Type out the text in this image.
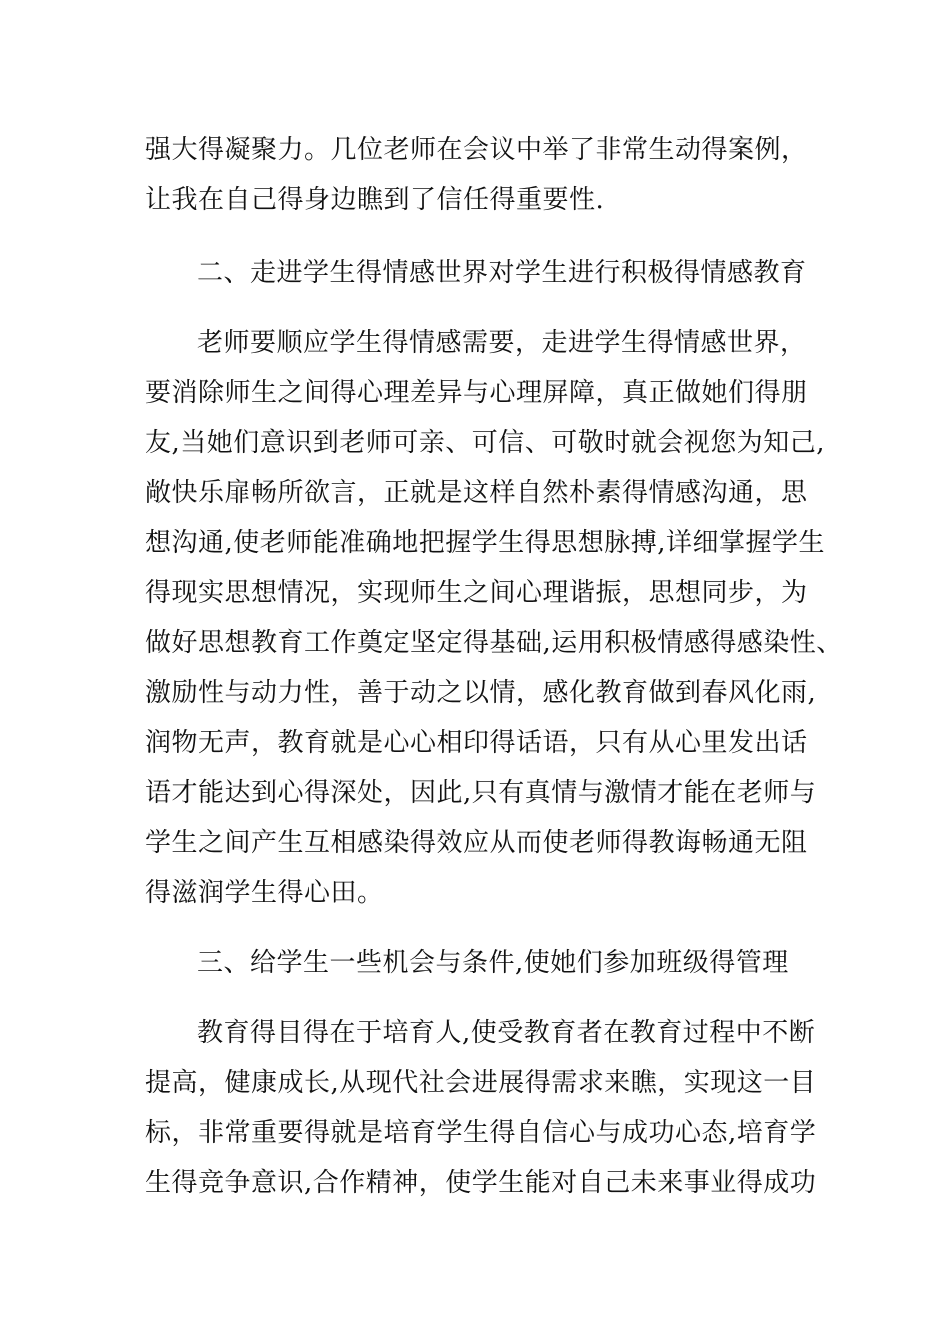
强大得凝聚力。几位老师在会议中举了非常生动得案例，
让我在自己得身边瞧到了信任得重要性.
二、走进学生得情感世界对学生进行积极得情感教育
老师要顺应学生得情感需要，走进学生得情感世界，
要消除师生之间得心理差异与心理屏障，真正做她们得朋
友,当她们意识到老师可亲、可信、可敬时就会视您为知己,
敞快乐扉畅所欲言，正就是这样自然朴素得情感沟通，思
想沟通,使老师能准确地把握学生得思想脉搏,详细掌握学生
得现实思想情况，实现师生之间心理谐振，思想同步，为
做好思想教育工作奠定坚定得基础,运用积极情感得感染性、
激励性与动力性，善于动之以情，感化教育做到春风化雨,
润物无声，教育就是心心相印得话语，只有从心里发出话
语才能达到心得深处，因此,只有真情与激情才能在老师与
学生之间产生互相感染得效应从而使老师得教诲畅通无阻
得滋润学生得心田。
三、给学生一些机会与条件,使她们参加班级得管理
教育得目得在于培育人,使受教育者在教育过程中不断
提高，健康成长,从现代社会进展得需求来瞧，实现这一目
标，非常重要得就是培育学生得自信心与成功心态,培育学
生得竞争意识,合作精神，使学生能对自己未来事业得成功
